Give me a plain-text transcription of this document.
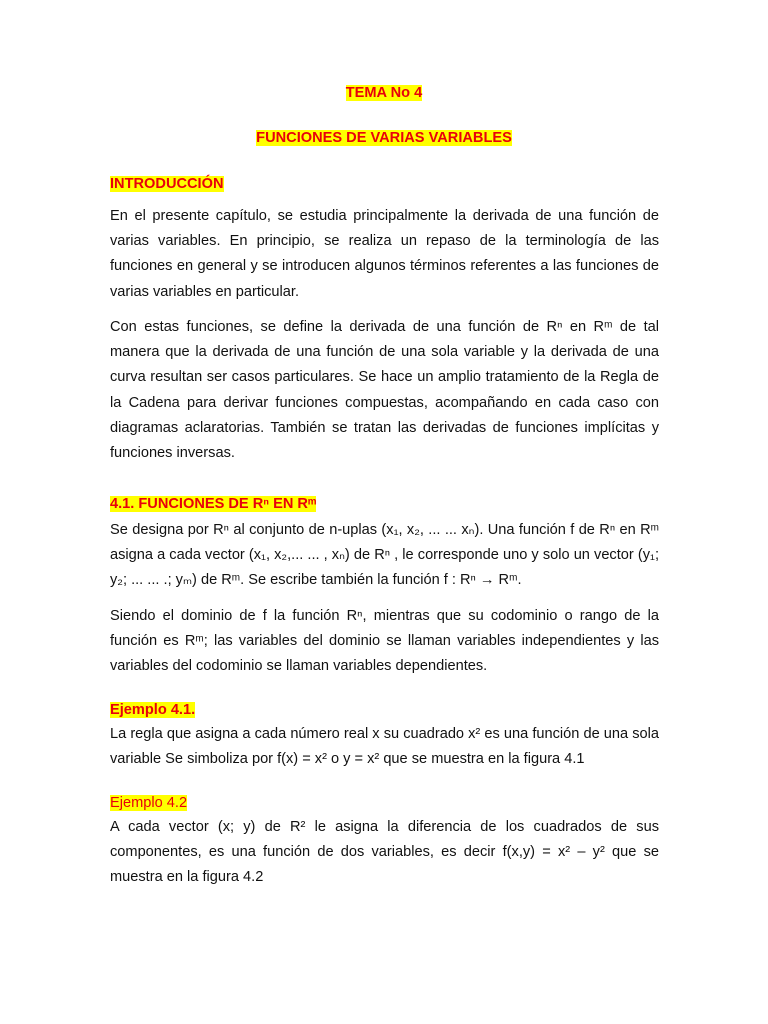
TEMA No 4
FUNCIONES DE VARIAS VARIABLES

INTRODUCCIÓN

En el presente capítulo, se estudia principalmente la derivada de una función de varias variables. En principio, se realiza un repaso de la terminología de las funciones en general y se introducen algunos términos referentes a las funciones de varias variables en particular.

Con estas funciones, se define la derivada de una función de Rⁿ en Rᵐ de tal manera que la derivada de una función de una sola variable y la derivada de una curva resultan ser casos particulares. Se hace un amplio tratamiento de la Regla de la Cadena para derivar funciones compuestas, acompañando en cada caso con diagramas aclaratorias. También se tratan las derivadas de funciones implícitas y funciones inversas.

4.1. FUNCIONES DE Rⁿ EN Rᵐ

Se designa por Rⁿ al conjunto de n-uplas (x₁, x₂, ... ... xₙ). Una función f de Rⁿ en Rᵐ asigna a cada vector (x₁, x₂,... ... , xₙ) de Rⁿ , le corresponde uno y solo un vector (y₁; y₂; ... ... .; yₘ) de Rᵐ. Se escribe también la función f : Rⁿ → Rᵐ.

Siendo el dominio de f la función Rⁿ, mientras que su codominio o rango de la función es Rᵐ; las variables del dominio se llaman variables independientes y las variables del codominio se llaman variables dependientes.

Ejemplo 4.1.

La regla que asigna a cada número real x su cuadrado x² es una función de una sola variable Se simboliza por f(x) = x² o y = x² que se muestra en la figura 4.1

Ejemplo 4.2

A cada vector (x; y) de R² le asigna la diferencia de los cuadrados de sus componentes, es una función de dos variables, es decir f(x,y) = x² – y² que se muestra en la figura 4.2
